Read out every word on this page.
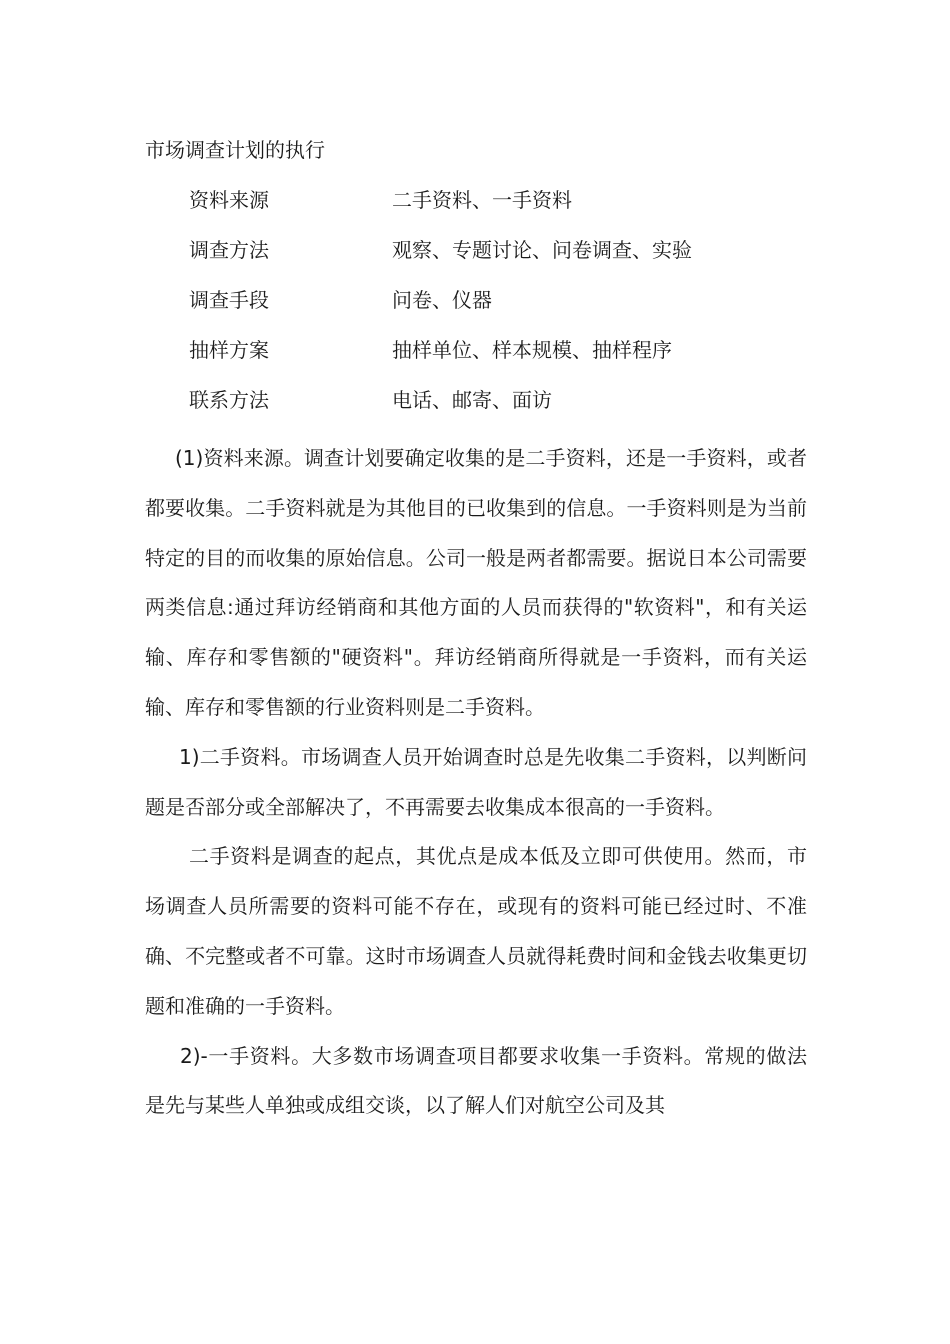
市场调查计划的执行
资料来源	二手资料、一手资料
调查方法	观察、专题讨论、问卷调查、实验
调查手段	问卷、仪器
抽样方案	抽样单位、样本规模、抽样程序
联系方法	电话、邮寄、面访

(1)资料来源。调查计划要确定收集的是二手资料，还是一手资料，或者都要收集。二手资料就是为其他目的已收集到的信息。一手资料则是为当前特定的目的而收集的原始信息。公司一般是两者都需要。据说日本公司需要两类信息:通过拜访经销商和其他方面的人员而获得的"软资料"，和有关运输、库存和零售额的"硬资料"。拜访经销商所得就是一手资料，而有关运输、库存和零售额的行业资料则是二手资料。

1)二手资料。市场调查人员开始调查时总是先收集二手资料，以判断问题是否部分或全部解决了，不再需要去收集成本很高的一手资料。

二手资料是调查的起点，其优点是成本低及立即可供使用。然而，市场调查人员所需要的资料可能不存在，或现有的资料可能已经过时、不准确、不完整或者不可靠。这时市场调查人员就得耗费时间和金钱去收集更切题和准确的一手资料。

2)-一手资料。大多数市场调查项目都要求收集一手资料。常规的做法是先与某些人单独或成组交谈，以了解人们对航空公司及其
